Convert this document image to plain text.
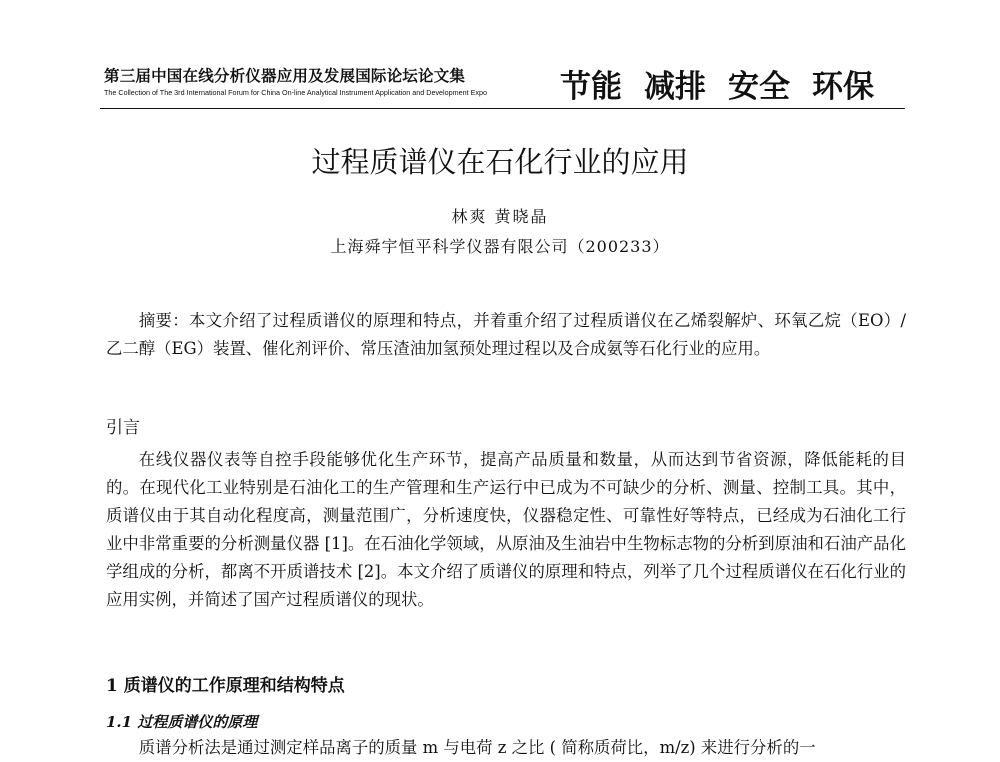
第三届中国在线分析仪器应用及发展国际论坛论文集
The Collection of The 3rd International Forum for China On-line Analytical Instrument Application and Development Expo 节能 减排 安全 环保
过程质谱仪在石化行业的应用
林爽 黄晓晶
上海舜宇恒平科学仪器有限公司（200233）
摘要：本文介绍了过程质谱仪的原理和特点，并着重介绍了过程质谱仪在乙烯裂解炉、环氧乙烷（EO）/ 乙二醇（EG）装置、催化剂评价、常压渣油加氢预处理过程以及合成氨等石化行业的应用。
引言
在线仪器仪表等自控手段能够优化生产环节，提高产品质量和数量，从而达到节省资源，降低能耗的目的。在现代化工业特别是石油化工的生产管理和生产运行中已成为不可缺少的分析、测量、控制工具。其中，质谱仪由于其自动化程度高，测量范围广，分析速度快，仪器稳定性、可靠性好等特点，已经成为石油化工行业中非常重要的分析测量仪器 [1]。在石油化学领域，从原油及生油岩中生物标志物的分析到原油和石油产品化学组成的分析，都离不开质谱技术 [2]。本文介绍了质谱仪的原理和特点，列举了几个过程质谱仪在石化行业的应用实例，并简述了国产过程质谱仪的现状。
1 质谱仪的工作原理和结构特点
1.1 过程质谱仪的原理
质谱分析法是通过测定样品离子的质量 m 与电荷 z 之比 ( 简称质荷比，m/z) 来进行分析的一
